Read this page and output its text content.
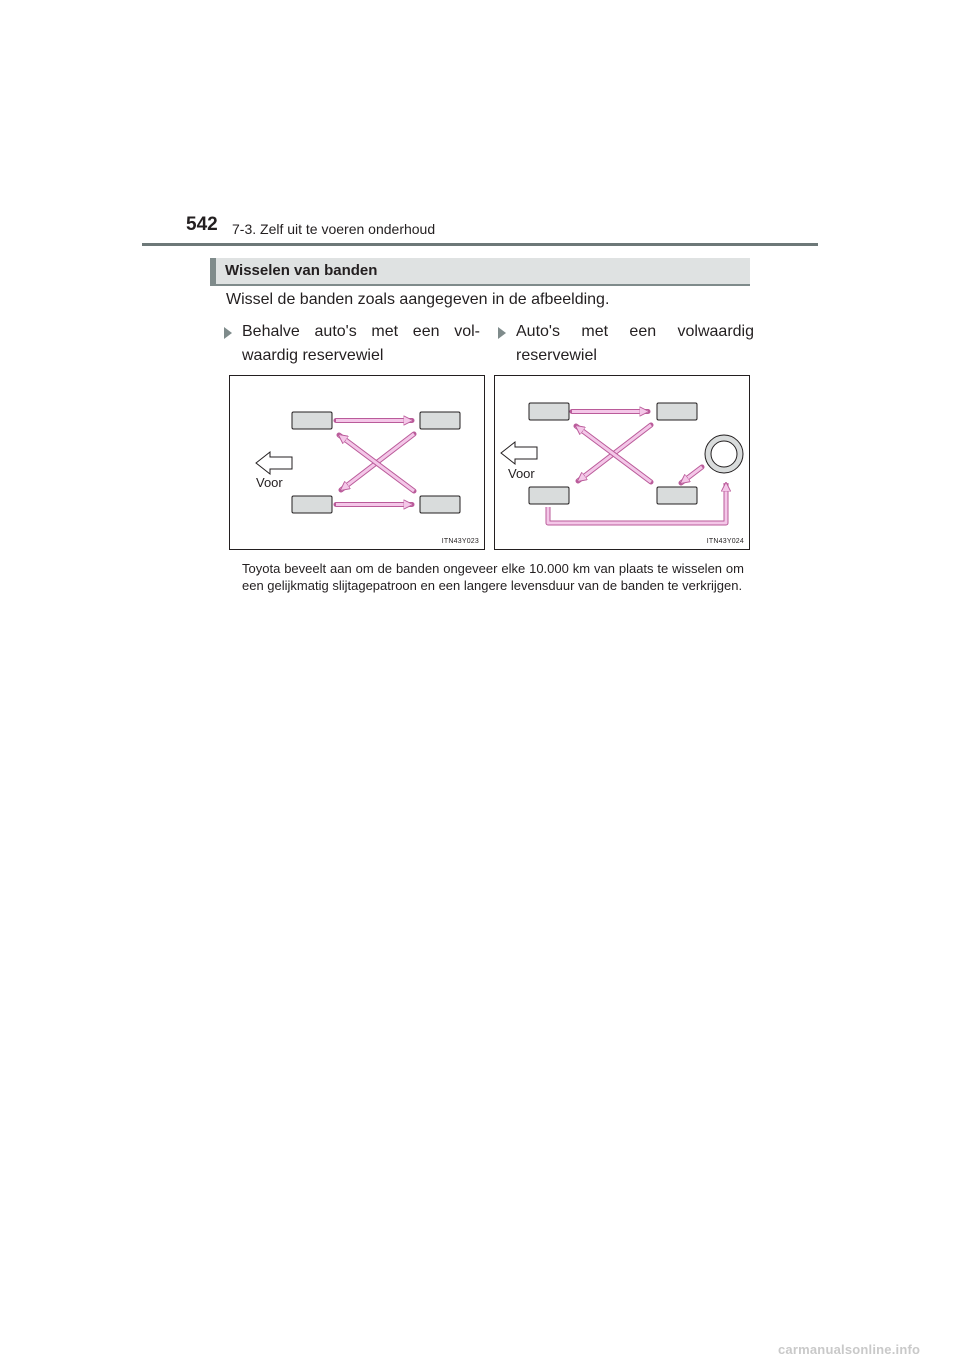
542 7-3. Zelf uit te voeren onderhoud
Wisselen van banden
Wissel de banden zoals aangegeven in de afbeelding.
Behalve auto's met een vol-waardig reservewiel
Auto's met een volwaardig reservewiel
Voor
ITN43Y023
Voor
ITN43Y024
Toyota beveelt aan om de banden ongeveer elke 10.000 km van plaats te wisselen om een gelijkmatig slijtagepatroon en een langere levensduur van de banden te verkrijgen.
carmanualsonline.info
